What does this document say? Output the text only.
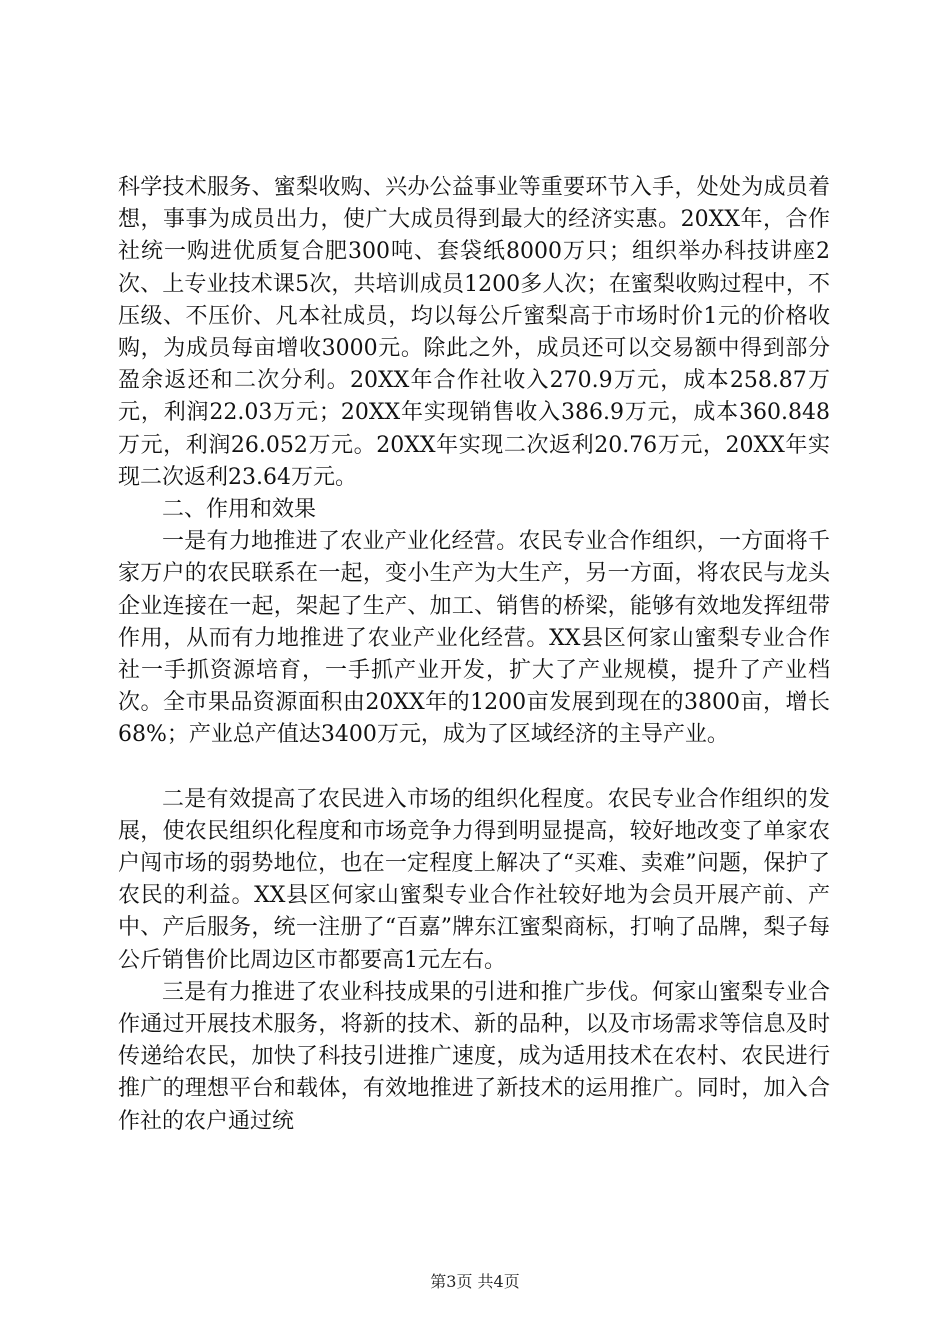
科学技术服务、蜜梨收购、兴办公益事业等重要环节入手，处处为成员着想，事事为成员出力，使广大成员得到最大的经济实惠。20XX年，合作社统一购进优质复合肥300吨、套袋纸8000万只；组织举办科技讲座2次、上专业技术课5次，共培训成员1200多人次；在蜜梨收购过程中，不压级、不压价、凡本社成员，均以每公斤蜜梨高于市场时价1元的价格收购，为成员每亩增收3000元。除此之外，成员还可以交易额中得到部分盈余返还和二次分利。20XX年合作社收入270.9万元，成本258.87万元，利润22.03万元；20XX年实现销售收入386.9万元，成本360.848万元，利润26.052万元。20XX年实现二次返利20.76万元，20XX年实现二次返利23.64万元。

二、作用和效果

一是有力地推进了农业产业化经营。农民专业合作组织，一方面将千家万户的农民联系在一起，变小生产为大生产，另一方面，将农民与龙头企业连接在一起，架起了生产、加工、销售的桥梁，能够有效地发挥纽带作用，从而有力地推进了农业产业化经营。XX县区何家山蜜梨专业合作社一手抓资源培育，一手抓产业开发，扩大了产业规模，提升了产业档次。全市果品资源面积由20XX年的1200亩发展到现在的3800亩，增长68%；产业总产值达3400万元，成为了区域经济的主导产业。

二是有效提高了农民进入市场的组织化程度。农民专业合作组织的发展，使农民组织化程度和市场竞争力得到明显提高，较好地改变了单家农户闯市场的弱势地位，也在一定程度上解决了“买难、卖难”问题，保护了农民的利益。XX县区何家山蜜梨专业合作社较好地为会员开展产前、产中、产后服务，统一注册了“百嘉”牌东江蜜梨商标，打响了品牌，梨子每公斤销售价比周边区市都要高1元左右。

三是有力推进了农业科技成果的引进和推广步伐。何家山蜜梨专业合作通过开展技术服务，将新的技术、新的品种，以及市场需求等信息及时传递给农民，加快了科技引进推广速度，成为适用技术在农村、农民进行推广的理想平台和载体，有效地推进了新技术的运用推广。同时，加入合作社的农户通过统

第3页 共4页
